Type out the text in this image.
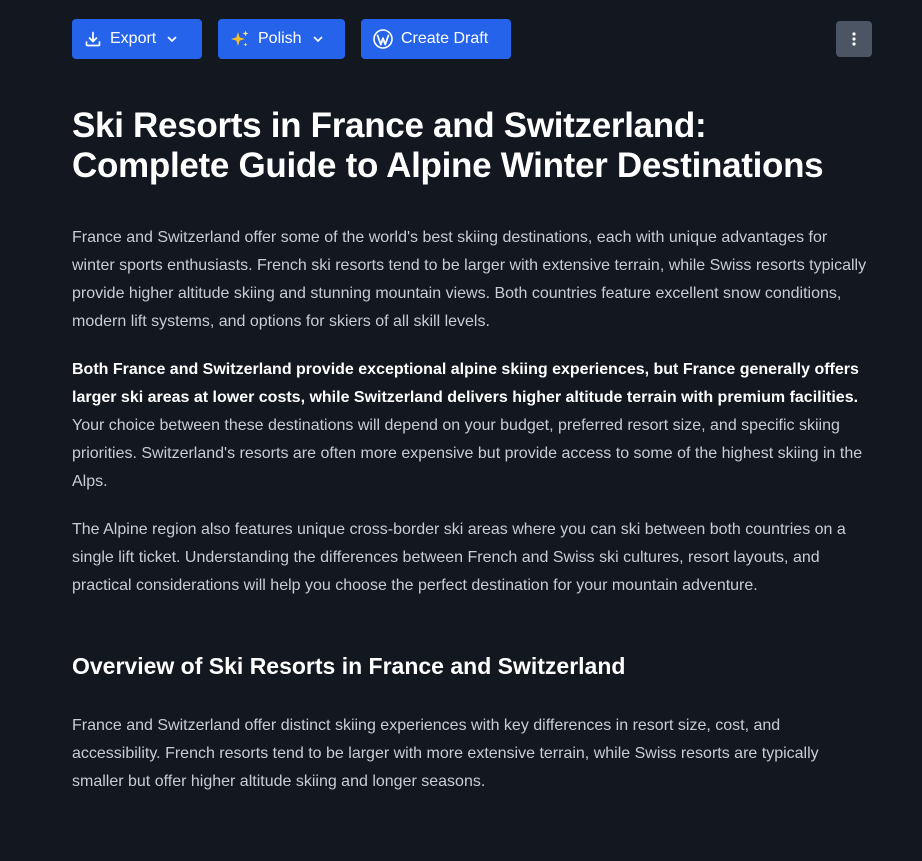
Export	Polish	Create Draft
Ski Resorts in France and Switzerland: Complete Guide to Alpine Winter Destinations

France and Switzerland offer some of the world's best skiing destinations, each with unique advantages for winter sports enthusiasts. French ski resorts tend to be larger with extensive terrain, while Swiss resorts typically provide higher altitude skiing and stunning mountain views. Both countries feature excellent snow conditions, modern lift systems, and options for skiers of all skill levels.

Both France and Switzerland provide exceptional alpine skiing experiences, but France generally offers larger ski areas at lower costs, while Switzerland delivers higher altitude terrain with premium facilities. Your choice between these destinations will depend on your budget, preferred resort size, and specific skiing priorities. Switzerland's resorts are often more expensive but provide access to some of the highest skiing in the Alps.

The Alpine region also features unique cross-border ski areas where you can ski between both countries on a single lift ticket. Understanding the differences between French and Swiss ski cultures, resort layouts, and practical considerations will help you choose the perfect destination for your mountain adventure.

Overview of Ski Resorts in France and Switzerland

France and Switzerland offer distinct skiing experiences with key differences in resort size, cost, and accessibility. French resorts tend to be larger with more extensive terrain, while Swiss resorts are typically smaller but offer higher altitude skiing and longer seasons.
